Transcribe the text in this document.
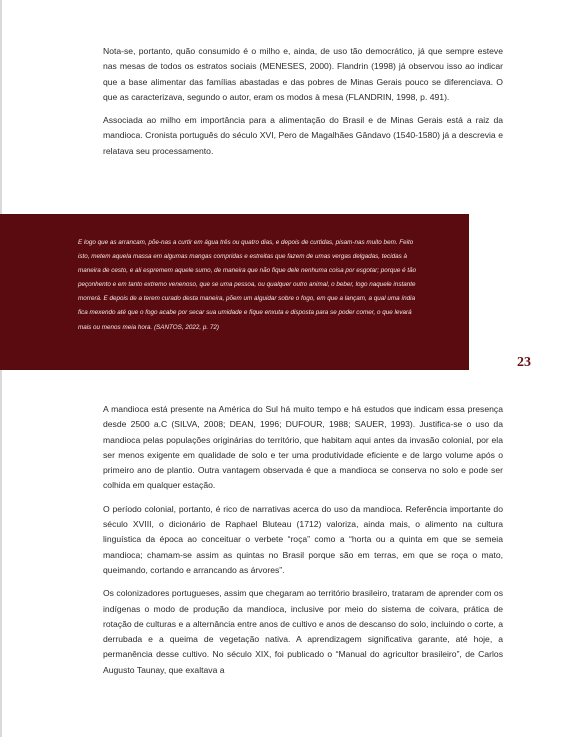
Nota-se, portanto, quão consumido é o milho e, ainda, de uso tão democrático, já que sempre esteve nas mesas de todos os estratos sociais (MENESES, 2000). Flandrin (1998) já observou isso ao indicar que a base alimentar das famílias abastadas e das pobres de Minas Gerais pouco se diferenciava. O que as caracterizava, segundo o autor, eram os modos à mesa (FLANDRIN, 1998, p. 491).

Associada ao milho em importância para a alimentação do Brasil e de Minas Gerais está a raiz da mandioca. Cronista português do século XVI, Pero de Magalhães Gândavo (1540-1580) já a descrevia e relatava seu processamento.

E logo que as arrancam, põe-nas a curtir em água três ou quatro dias, e depois de curtidas, pisam-nas muito bem. Feito isto, metem aquela massa em algumas mangas compridas e estreitas que fazem de umas vergas delgadas, tecidas à maneira de cesto, e ali espremem aquele sumo, de maneira que não fique dele nenhuma coisa por esgotar; porque é tão peçonhento e em tanto extremo venenoso, que se uma pessoa, ou qualquer outro animal, o beber, logo naquele instante morrerá. E depois de a terem curado desta maneira, põem um alguidar sobre o fogo, em que a lançam, a qual uma índia fica mexendo até que o fogo acabe por secar sua umidade e fique enxuta e disposta para se poder comer, o que levará mais ou menos meia hora. (SANTOS, 2022, p. 72)

23

A mandioca está presente na América do Sul há muito tempo e há estudos que indicam essa presença desde 2500 a.C (SILVA, 2008; DEAN, 1996; DUFOUR, 1988; SAUER, 1993). Justifica-se o uso da mandioca pelas populações originárias do território, que habitam aqui antes da invasão colonial, por ela ser menos exigente em qualidade de solo e ter uma produtividade eficiente e de largo volume após o primeiro ano de plantio. Outra vantagem observada é que a mandioca se conserva no solo e pode ser colhida em qualquer estação.

O período colonial, portanto, é rico de narrativas acerca do uso da mandioca. Referência importante do século XVIII, o dicionário de Raphael Bluteau (1712) valoriza, ainda mais, o alimento na cultura linguística da época ao conceituar o verbete “roça” como a “horta ou a quinta em que se semeia mandioca; chamam-se assim as quintas no Brasil porque são em terras, em que se roça o mato, queimando, cortando e arrancando as árvores”.

Os colonizadores portugueses, assim que chegaram ao território brasileiro, trataram de aprender com os indígenas o modo de produção da mandioca, inclusive por meio do sistema de coivara, prática de rotação de culturas e a alternância entre anos de cultivo e anos de descanso do solo, incluindo o corte, a derrubada e a queima de vegetação nativa. A aprendizagem significativa garante, até hoje, a permanência desse cultivo. No século XIX, foi publicado o “Manual do agricultor brasileiro”, de Carlos Augusto Taunay, que exaltava a
